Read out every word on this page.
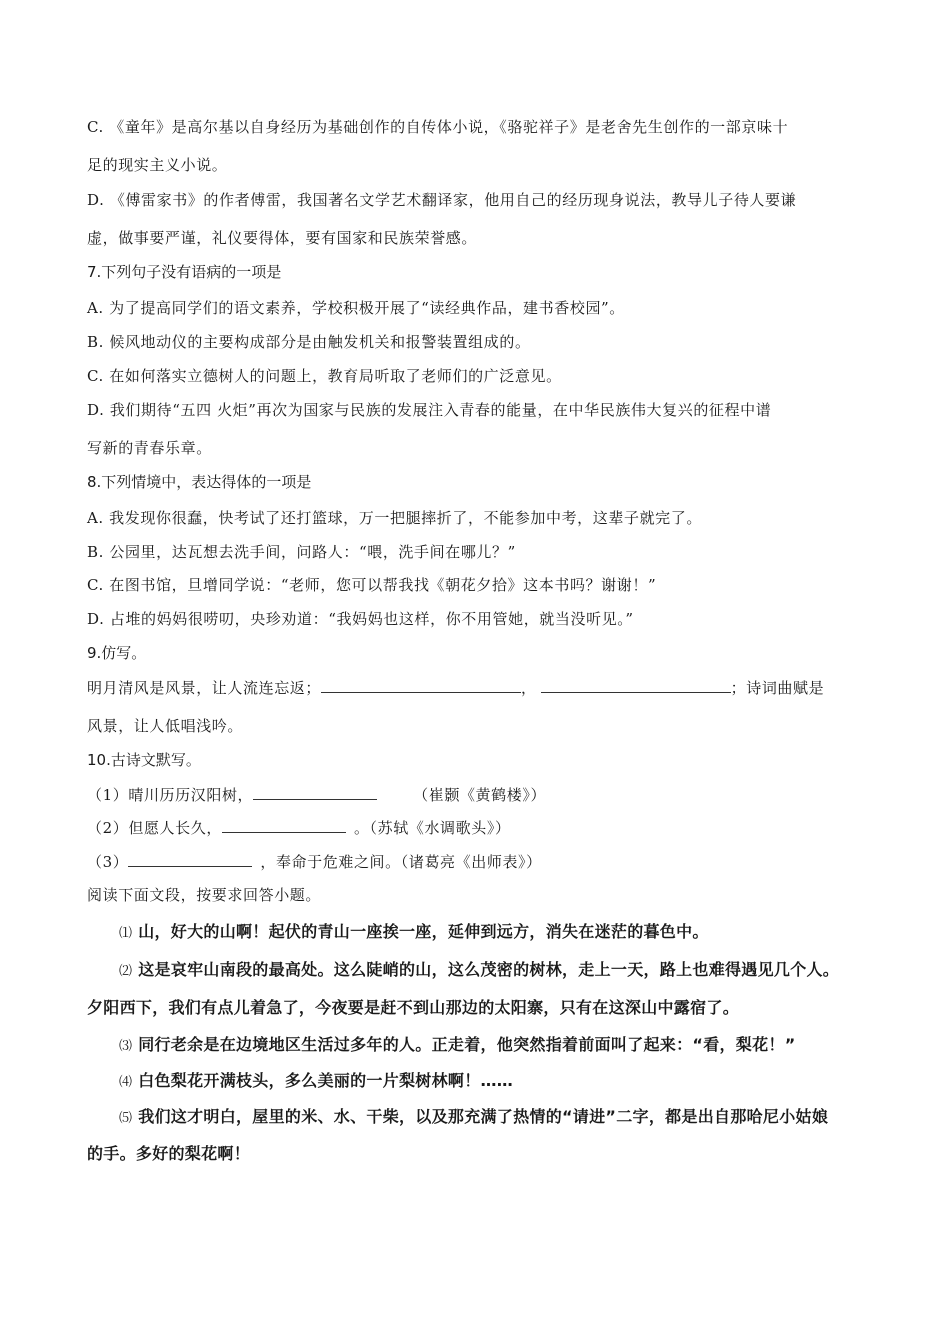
C. 《童年》是高尔基以自身经历为基础创作的自传体小说，《骆驼祥子》是老舍先生创作的一部京味十
足的现实主义小说。
D. 《傅雷家书》的作者傅雷，我国著名文学艺术翻译家，他用自己的经历现身说法，教导儿子待人要谦
虚，做事要严谨，礼仪要得体，要有国家和民族荣誉感。
7.下列句子没有语病的一项是
A. 为了提高同学们的语文素养，学校积极开展了“读经典作品，建书香校园”。
B. 候风地动仪的主要构成部分是由触发机关和报警装置组成的。
C. 在如何落实立德树人的问题上，教育局听取了老师们的广泛意见。
D. 我们期待“五四 火炬”再次为国家与民族的发展注入青春的能量，在中华民族伟大复兴的征程中谱
写新的青春乐章。
8.下列情境中，表达得体的一项是
A. 我发现你很蠢，快考试了还打篮球，万一把腿摔折了，不能参加中考，这辈子就完了。
B. 公园里，达瓦想去洗手间，问路人：“喂，洗手间在哪儿？”
C. 在图书馆，旦增同学说：“老师，您可以帮我找《朝花夕拾》这本书吗？谢谢！”
D. 占堆的妈妈很唠叨，央珍劝道：“我妈妈也这样，你不用管她，就当没听见。”
9.仿写。
明月清风是风景，让人流连忘返；	，	；诗词曲赋是
风景，让人低唱浅吟。
10.古诗文默写。
（1）晴川历历汉阳树，	（崔颢《黄鹤楼》）
（2）但愿人长久，	。（苏轼《水调歌头》）
（3）	，奉命于危难之间。（诸葛亮《出师表》）
阅读下面文段，按要求回答小题。
⑴ 山，好大的山啊！起伏的青山一座挨一座，延伸到远方，消失在迷茫的暮色中。
⑵ 这是哀牢山南段的最高处。这么陡峭的山，这么茂密的树林，走上一天，路上也难得遇见几个人。
夕阳西下，我们有点儿着急了，今夜要是赶不到山那边的太阳寨，只有在这深山中露宿了。
⑶ 同行老余是在边境地区生活过多年的人。正走着，他突然指着前面叫了起来：“看，梨花！”
⑷ 白色梨花开满枝头，多么美丽的一片梨树林啊！……
⑸ 我们这才明白，屋里的米、水、干柴，以及那充满了热情的“请进”二字，都是出自那哈尼小姑娘
的手。多好的梨花啊！
